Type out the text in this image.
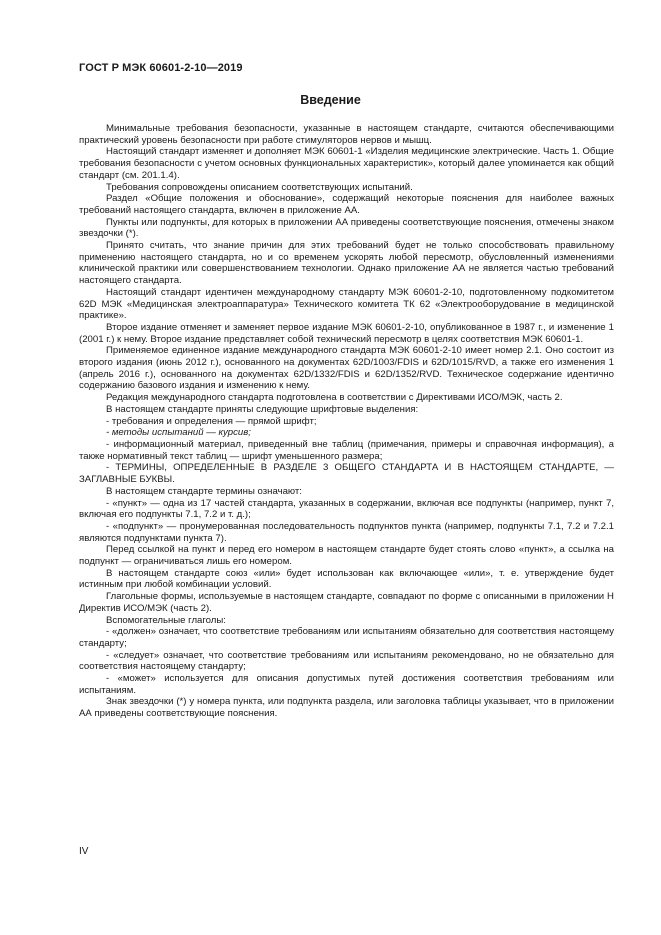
ГОСТ Р МЭК 60601-2-10—2019
Введение

Минимальные требования безопасности, указанные в настоящем стандарте, считаются обеспечивающими практический уровень безопасности при работе стимуляторов нервов и мышц.

Настоящий стандарт изменяет и дополняет МЭК 60601-1 «Изделия медицинские электрические. Часть 1. Общие требования безопасности с учетом основных функциональных характеристик», который далее упоминается как общий стандарт (см. 201.1.4).

Требования сопровождены описанием соответствующих испытаний.

Раздел «Общие положения и обоснование», содержащий некоторые пояснения для наиболее важных требований настоящего стандарта, включен в приложение АА.

Пункты или подпункты, для которых в приложении АА приведены соответствующие пояснения, отмечены знаком звездочки (*).

Принято считать, что знание причин для этих требований будет не только способствовать правильному применению настоящего стандарта, но и со временем ускорять любой пересмотр, обусловленный изменениями клинической практики или совершенствованием технологии. Однако приложение АА не является частью требований настоящего стандарта.

Настоящий стандарт идентичен международному стандарту МЭК 60601-2-10, подготовленному подкомитетом 62D МЭК «Медицинская электроаппаратура» Технического комитета ТК 62 «Электрооборудование в медицинской практике».

Второе издание отменяет и заменяет первое издание МЭК 60601-2-10, опубликованное в 1987 г., и изменение 1 (2001 г.) к нему. Второе издание представляет собой технический пересмотр в целях соответствия МЭК 60601-1.

Применяемое единенное издание международного стандарта МЭК 60601-2-10 имеет номер 2.1. Оно состоит из второго издания (июнь 2012 г.), основанного на документах 62D/1003/FDIS и 62D/1015/RVD, а также его изменения 1 (апрель 2016 г.), основанного на документах 62D/1332/FDIS и 62D/1352/RVD. Техническое содержание идентично содержанию базового издания и изменению к нему.

Редакция международного стандарта подготовлена в соответствии с Директивами ИСО/МЭК, часть 2.

В настоящем стандарте приняты следующие шрифтовые выделения:

- требования и определения — прямой шрифт;

- методы испытаний — курсив;

- информационный материал, приведенный вне таблиц (примечания, примеры и справочная информация), а также нормативный текст таблиц — шрифт уменьшенного размера;

- ТЕРМИНЫ, ОПРЕДЕЛЕННЫЕ В РАЗДЕЛЕ 3 ОБЩЕГО СТАНДАРТА И В НАСТОЯЩЕМ СТАНДАРТЕ, — ЗАГЛАВНЫЕ БУКВЫ.

В настоящем стандарте термины означают:

- «пункт» — одна из 17 частей стандарта, указанных в содержании, включая все подпункты (например, пункт 7, включая его подпункты 7.1, 7.2 и т. д.);

- «подпункт» — пронумерованная последовательность подпунктов пункта (например, подпункты 7.1, 7.2 и 7.2.1 являются подпунктами пункта 7).

Перед ссылкой на пункт и перед его номером в настоящем стандарте будет стоять слово «пункт», а ссылка на подпункт — ограничиваться лишь его номером.

В настоящем стандарте союз «или» будет использован как включающее «или», т. е. утверждение будет истинным при любой комбинации условий.

Глагольные формы, используемые в настоящем стандарте, совпадают по форме с описанными в приложении Н Директив ИСО/МЭК (часть 2).

Вспомогательные глаголы:

- «должен» означает, что соответствие требованиям или испытаниям обязательно для соответствия настоящему стандарту;

- «следует» означает, что соответствие требованиям или испытаниям рекомендовано, но не обязательно для соответствия настоящему стандарту;

- «может» используется для описания допустимых путей достижения соответствия требованиям или испытаниям.

Знак звездочки (*) у номера пункта, или подпункта раздела, или заголовка таблицы указывает, что в приложении АА приведены соответствующие пояснения.

IV
